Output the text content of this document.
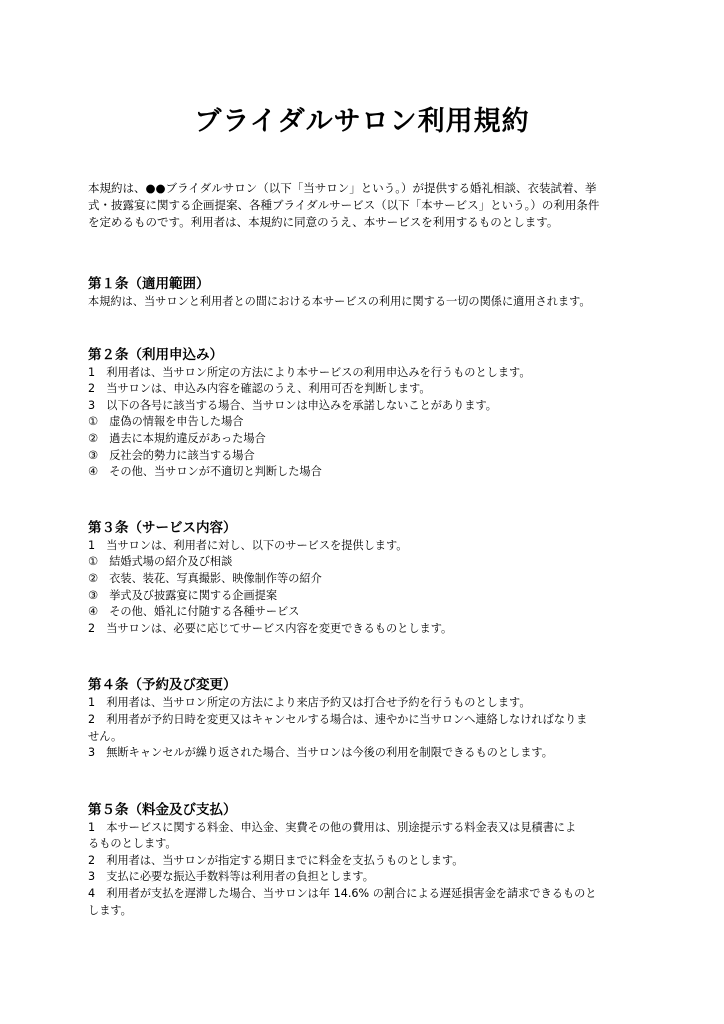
ブライダルサロン利用規約

本規約は、●●ブライダルサロン（以下「当サロン」という。）が提供する婚礼相談、衣装試着、挙

式・披露宴に関する企画提案、各種ブライダルサービス（以下「本サービス」という。）の利用条件

を定めるものです。利用者は、本規約に同意のうえ、本サービスを利用するものとします。

第１条（適用範囲）
本規約は、当サロンと利用者との間における本サービスの利用に関する一切の関係に適用されます。
第２条（利用申込み）
1　利用者は、当サロン所定の方法により本サービスの利用申込みを行うものとします。
2　当サロンは、申込み内容を確認のうえ、利用可否を判断します。
3　以下の各号に該当する場合、当サロンは申込みを承諾しないことがあります。
①　虚偽の情報を申告した場合
②　過去に本規約違反があった場合
③　反社会的勢力に該当する場合
④　その他、当サロンが不適切と判断した場合
第３条（サービス内容）
1　当サロンは、利用者に対し、以下のサービスを提供します。
①　結婚式場の紹介及び相談
②　衣装、装花、写真撮影、映像制作等の紹介
③　挙式及び披露宴に関する企画提案
④　その他、婚礼に付随する各種サービス
2　当サロンは、必要に応じてサービス内容を変更できるものとします。
第４条（予約及び変更）
1　利用者は、当サロン所定の方法により来店予約又は打合せ予約を行うものとします。
2　利用者が予約日時を変更又はキャンセルする場合は、速やかに当サロンへ連絡しなければなりま
せん。
3　無断キャンセルが繰り返された場合、当サロンは今後の利用を制限できるものとします。
第５条（料金及び支払）
1　本サービスに関する料金、申込金、実費その他の費用は、別途提示する料金表又は見積書によ
るものとします。
2　利用者は、当サロンが指定する期日までに料金を支払うものとします。
3　支払に必要な振込手数料等は利用者の負担とします。
4　利用者が支払を遅滞した場合、当サロンは年 14.6% の割合による遅延損害金を請求できるものと
します。
